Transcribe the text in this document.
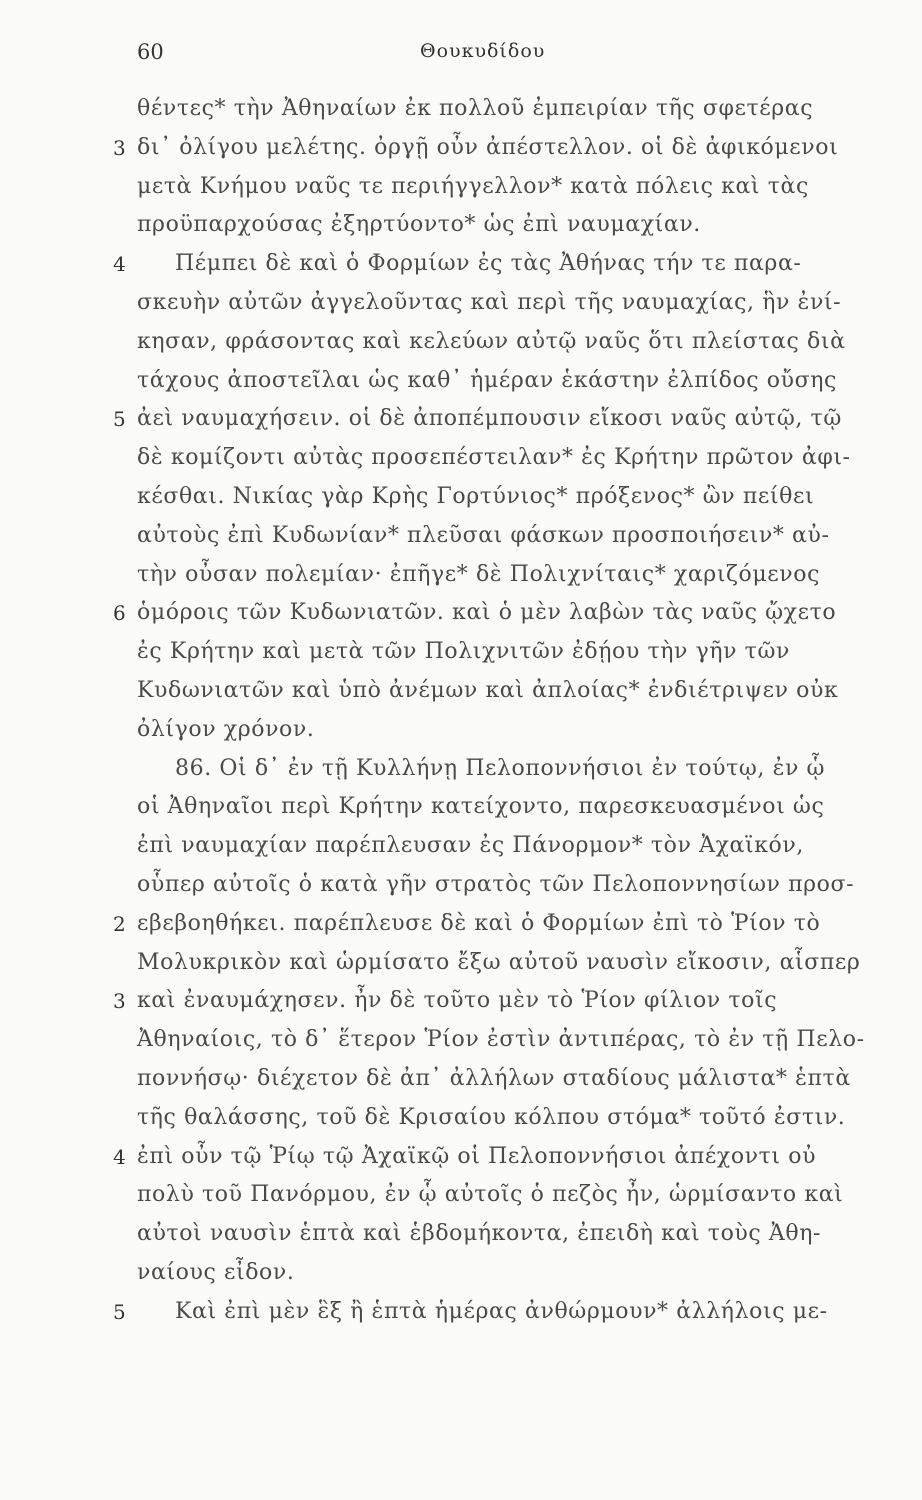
60	Θουκυδίδου
θέντες* τὴν Ἀθηναίων ἐκ πολλοῦ ἐμπειρίαν τῆς σφετέρας
3 δι᾽ ὀλίγου μελέτης. ὀργῇ οὖν ἀπέστελλον. οἱ δὲ ἀφικόμενοι
μετὰ Κνήμου ναῦς τε περιήγγελλον* κατὰ πόλεις καὶ τὰς
προϋπαρχούσας ἐξηρτύοντο* ὡς ἐπὶ ναυμαχίαν.
4 Πέμπει δὲ καὶ ὁ Φορμίων ἐς τὰς Ἀθήνας τήν τε παρα-
σκευὴν αὐτῶν ἀγγελοῦντας καὶ περὶ τῆς ναυμαχίας, ἣν ἐνί-
κησαν, φράσοντας καὶ κελεύων αὐτῷ ναῦς ὅτι πλείστας διὰ
τάχους ἀποστεῖλαι ὡς καθ᾽ ἡμέραν ἑκάστην ἐλπίδος οὔσης
5 ἀεὶ ναυμαχήσειν. οἱ δὲ ἀποπέμπουσιν εἴκοσι ναῦς αὐτῷ, τῷ
δὲ κομίζοντι αὐτὰς προσεπέστειλαν* ἐς Κρήτην πρῶτον ἀφι-
κέσθαι. Νικίας γὰρ Κρὴς Γορτύνιος* πρόξενος* ὢν πείθει
αὐτοὺς ἐπὶ Κυδωνίαν* πλεῦσαι φάσκων προσποιήσειν* αὐ-
τὴν οὖσαν πολεμίαν· ἐπῆγε* δὲ Πολιχνίταις* χαριζόμενος
6 ὁμόροις τῶν Κυδωνιατῶν. καὶ ὁ μὲν λαβὼν τὰς ναῦς ᾤχετο
ἐς Κρήτην καὶ μετὰ τῶν Πολιχνιτῶν ἐδῄου τὴν γῆν τῶν
Κυδωνιατῶν καὶ ὑπὸ ἀνέμων καὶ ἀπλοίας* ἐνδιέτριψεν οὐκ
ὀλίγον χρόνον.
86. Οἱ δ᾽ ἐν τῇ Κυλλήνῃ Πελοποννήσιοι ἐν τούτῳ, ἐν ᾧ
οἱ Ἀθηναῖοι περὶ Κρήτην κατείχοντο, παρεσκευασμένοι ὡς
ἐπὶ ναυμαχίαν παρέπλευσαν ἐς Πάνορμον* τὸν Ἀχαϊκόν,
οὗπερ αὐτοῖς ὁ κατὰ γῆν στρατὸς τῶν Πελοποννησίων προσ-
2 εβεβοηθήκει. παρέπλευσε δὲ καὶ ὁ Φορμίων ἐπὶ τὸ Ῥίον τὸ
Μολυκρικὸν καὶ ὡρμίσατο ἔξω αὐτοῦ ναυσὶν εἴκοσιν, αἷσπερ
3 καὶ ἐναυμάχησεν. ἦν δὲ τοῦτο μὲν τὸ Ῥίον φίλιον τοῖς
Ἀθηναίοις, τὸ δ᾽ ἕτερον Ῥίον ἐστὶν ἀντιπέρας, τὸ ἐν τῇ Πελο-
ποννήσῳ· διέχετον δὲ ἀπ᾽ ἀλλήλων σταδίους μάλιστα* ἑπτὰ
τῆς θαλάσσης, τοῦ δὲ Κρισαίου κόλπου στόμα* τοῦτό ἐστιν.
4 ἐπὶ οὖν τῷ Ῥίῳ τῷ Ἀχαϊκῷ οἱ Πελοποννήσιοι ἀπέχοντι οὐ
πολὺ τοῦ Πανόρμου, ἐν ᾧ αὐτοῖς ὁ πεζὸς ἦν, ὡρμίσαντο καὶ
αὐτοὶ ναυσὶν ἑπτὰ καὶ ἑβδομήκοντα, ἐπειδὴ καὶ τοὺς Ἀθη-
ναίους εἶδον.
5 Καὶ ἐπὶ μὲν ἓξ ἢ ἑπτὰ ἡμέρας ἀνθώρμουν* ἀλλήλοις με-
